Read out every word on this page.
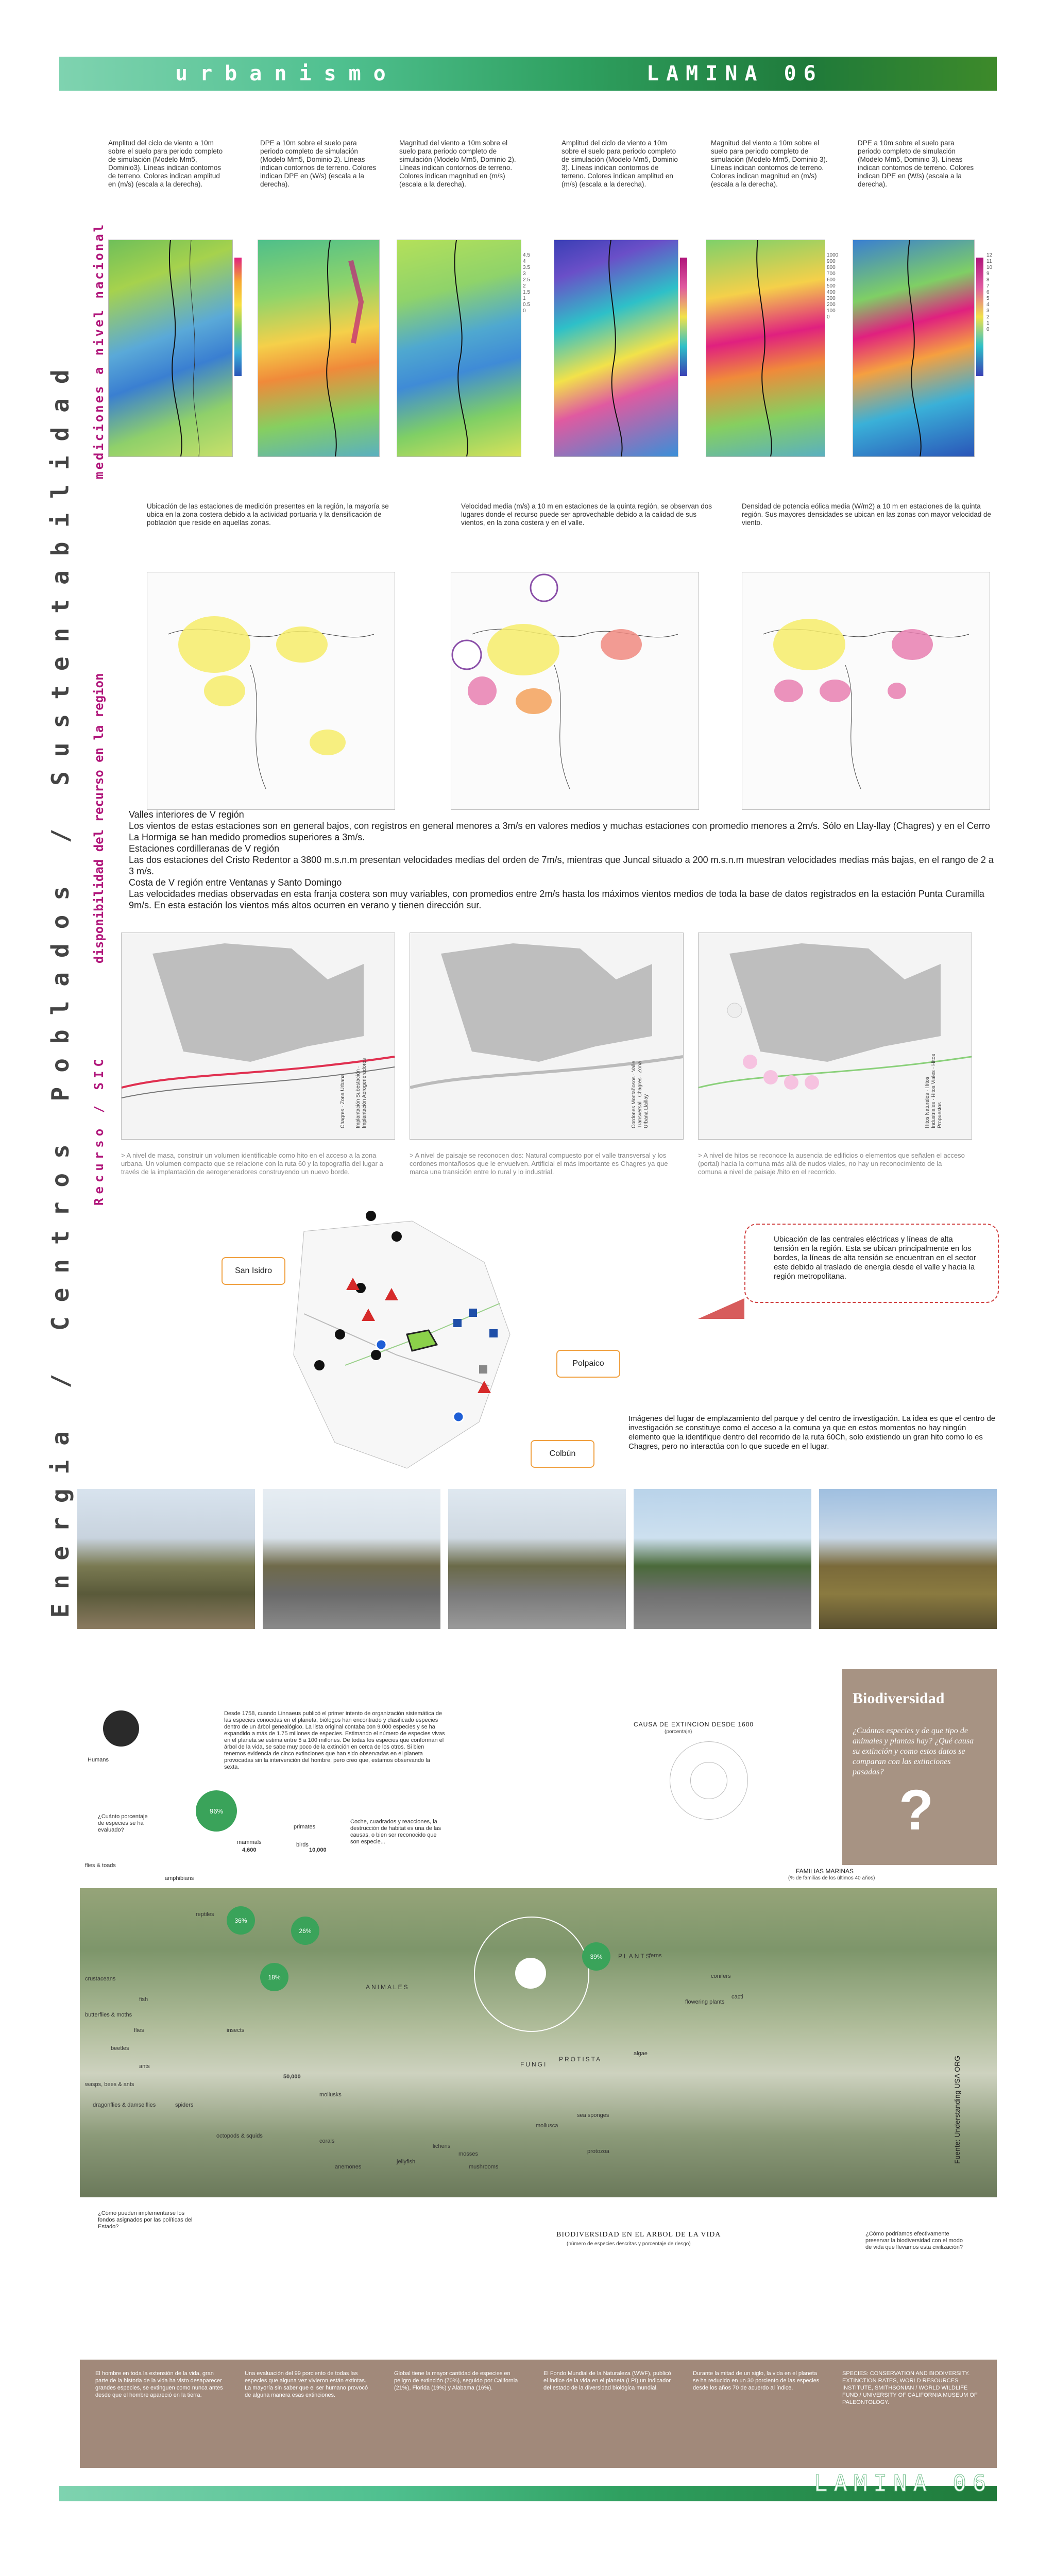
urbanismo	LAMINA 06
Energia / Centros Poblados / Sustentabilidad
mediciones a nivel nacional
disponibilidad del recurso en la region
Recurso / SIC
Amplitud del ciclo de viento a 10m sobre el suelo para periodo completo de simulación (Modelo Mm5, Dominio3). Líneas indican contornos de terreno. Colores indican amplitud en (m/s) (escala a la derecha).
DPE a 10m sobre el suelo para periodo completo de simulación (Modelo Mm5, Dominio 2). Líneas indican contornos de terreno. Colores indican DPE en (W/s) (escala a la derecha).
Magnitud del viento a 10m sobre el suelo para periodo completo de simulación (Modelo Mm5, Dominio 2). Líneas indican contornos de terreno. Colores indican magnitud en (m/s) (escala a la derecha).
Amplitud del ciclo de viento a 10m sobre el suelo para periodo completo de simulación (Modelo Mm5, Dominio 3). Líneas indican contornos de terreno. Colores indican amplitud en (m/s) (escala a la derecha).
Magnitud del viento a 10m sobre el suelo para periodo completo de simulación (Modelo Mm5, Dominio 3). Líneas indican contornos de terreno. Colores indican magnitud en (m/s) (escala a la derecha).
DPE a 10m sobre el suelo para periodo completo de simulación (Modelo Mm5, Dominio 3). Líneas indican contornos de terreno. Colores indican DPE en (W/s) (escala a la derecha).
4.5
4
3.5
3
2.5
2
1.5
1
0.5
0
12
11
10
9
8
7
6
5
4
3
2
1
0
1000
900
800
700
600
500
400
300
200
100
0
Ubicación de las estaciones de medición presentes en la región, la mayoría se ubica en la zona costera debido a la actividad portuaria y la densificación de población que reside en aquellas zonas.
Velocidad media (m/s) a 10 m en estaciones de la quinta región, se observan dos lugares donde el recurso puede ser aprovechable debido a la calidad de sus vientos, en la zona costera y en el valle.
Densidad de potencia eólica media (W/m2) a 10 m en estaciones de la quinta región. Sus mayores densidades se ubican en las zonas con mayor velocidad de viento.
Valles interiores de V región
Los vientos de estas estaciones son en general bajos, con registros en general menores a 3m/s en valores medios y muchas estaciones con promedio menores a 2m/s. Sólo en Llay-llay (Chagres) y en el Cerro La Hormiga se han medido promedios superiores a 3m/s.
Estaciones cordilleranas de V región
Las dos estaciones del Cristo Redentor a 3800 m.s.n.m presentan velocidades medias del orden de 7m/s, mientras que Juncal situado a 200 m.s.n.m muestran velocidades medias más bajas, en el rango de 2 a 3 m/s.
Costa de V región entre Ventanas y Santo Domingo
Las velocidades medias observadas en esta franja costera son muy variables, con promedios entre 2m/s hasta los máximos vientos medios de toda la base de datos registrados en la estación Punta Curamilla 9m/s. En esta estación los vientos más altos ocurren en verano y tienen dirección sur.
Chagres · Zona Urbana Implantación Subestación · Implantación Aerogeneradores	Cordones Montañosos · Valle Transversal · Chagres · Zona Urbana Llaillay	Hitos Naturales · Hitos Industriales · Hitos Viales · Hitos Propuestos
> A nivel de masa, construir un volumen identificable como hito en el acceso a la zona urbana. Un volumen compacto que se relacione con la ruta 60 y la topografía del lugar a través de la implantación de aerogeneradores construyendo un nuevo borde.
> A nivel de paisaje se reconocen dos: Natural compuesto por el valle transversal y los cordones montañosos que le envuelven. Artificial el más importante es Chagres ya que marca una transición entre lo rural y lo industrial.
> A nivel de hitos se reconoce la ausencia de edificios o elementos que señalen el acceso (portal) hacia la comuna más allá de nudos viales, no hay un reconocimiento de la comuna a nivel de paisaje /hito en el recorrido.
San Isidro
Polpaico
Colbún
Ubicación de las centrales eléctricas y líneas de alta tensión en la región. Esta se ubican principalmente en los bordes, la líneas de alta tensión se encuentran en el sector este debido al traslado de energía desde el valle y hacia la región metropolitana.
Imágenes del lugar de emplazamiento del parque y del centro de investigación. La idea es que el centro de investigación se constituye como el acceso a la comuna ya que en estos momentos no hay ningún elemento que la identifique dentro del recorrido de la ruta 60Ch, solo existiendo un gran hito como lo es Chagres, pero no interactúa con lo que sucede en el lugar.
Humans
¿Cuánto porcentaje de especies se ha evaluado?
Desde 1758, cuando Linnaeus publicó el primer intento de organización sistemática de las especies conocidas en el planeta, biólogos han encontrado y clasificado especies dentro de un árbol genealógico. La lista original contaba con 9.000 especies y se ha expandido a más de 1.75 millones de especies. Estimando el número de especies vivas en el planeta se estima entre 5 a 100 millones. De todas los especies que conforman el árbol de la vida, se sabe muy poco de la extinción en cerca de los otros. Si bien tenemos evidencia de cinco extinciones que han sido observadas en el planeta provocadas sin la intervención del hombre, pero creo que, estamos observando la sexta.
Coche, cuadrados y reacciones, la destrucción de habitat es una de las causas, o bien ser reconocido que son especie...
CAUSA DE EXTINCION DESDE 1600
(porcentaje)
FAMILIAS MARINAS
(% de familias de los últimos 40 años)
Biodiversidad
¿Cuántas especies y de que tipo de animales y plantas hay? ¿Qué causa su extinción y como estos datos se comparan con las extinciones pasadas?
?
ANIMALES
FUNGI
PROTISTA
PLANTS
primates
mammals	birds
reptiles
amphibians
fish
flies & toads
crustaceans
butterflies & moths
flies
beetles
ants
wasps, bees & ants
dragonflies & damselflies
insects
spiders
octopods & squids
corals
anemones
jellyfish
mollusks
lichens
mosses
mushrooms
ferns
conifers
flowering plants
cacti
protozoa
algae
mollusca
sea sponges
4,600	10,000
50,000
96%
36%
26%
18%
39%
BIODIVERSIDAD EN EL ARBOL DE LA VIDA
(número de especies descritas y porcentaje de riesgo)
¿Cómo pueden implementarse los fondos asignados por las políticas del Estado?
¿Cómo podríamos efectivamente preservar la biodiversidad con el modo de vida que llevamos esta civilización?
Fuente: Understanding USA ORG
El hombre en toda la extensión de la vida, gran parte de la historia de la vida ha visto desaparecer grandes especies, se extinguen como nunca antes desde que el hombre apareció en la tierra.
Una evaluación del 99 porciento de todas las especies que alguna vez vivieron están extintas. La mayoría sin saber que el ser humano provocó de alguna manera esas extinciones.
Global tiene la mayor cantidad de especies en peligro de extinción (70%), seguido por California (21%), Florida (19%) y Alabama (16%).
El Fondo Mundial de la Naturaleza (WWF), publicó el índice de la vida en el planeta (LPI) un indicador del estado de la diversidad biológica mundial.
Durante la mitad de un siglo, la vida en el planeta se ha reducido en un 30 porciento de las especies desde los años 70 de acuerdo al índice.
SPECIES: CONSERVATION AND BIODIVERSITY. EXTINCTION RATES, WORLD RESOURCES INSTITUTE, SMITHSONIAN / WORLD WILDLIFE FUND / UNIVERSITY OF CALIFORNIA MUSEUM OF PALEONTOLOGY.
LAMINA 06
